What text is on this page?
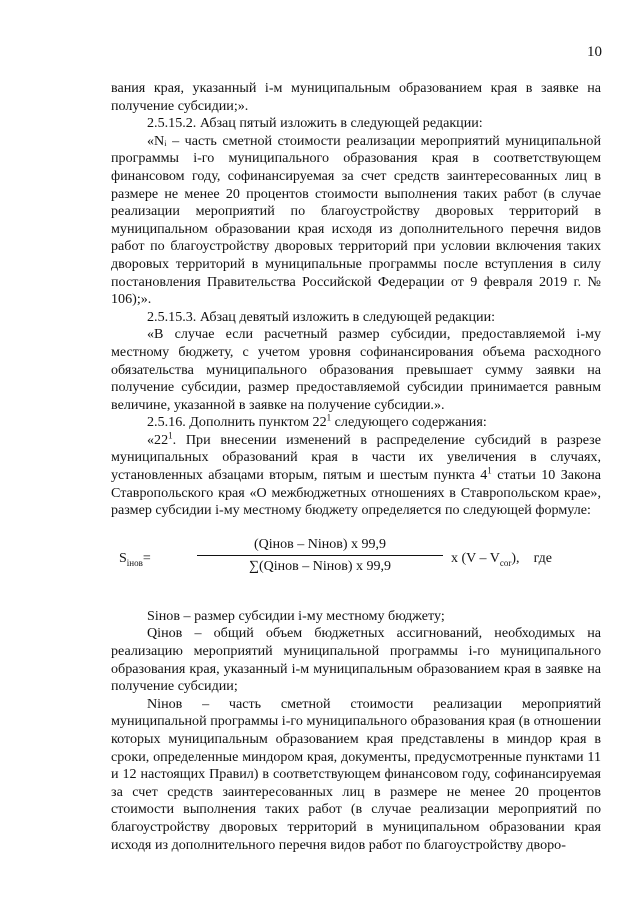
10

вания края, указанный i-м муниципальным образованием края в заявке на получение субсидии;».

2.5.15.2. Абзац пятый изложить в следующей редакции:

«Nᵢ – часть сметной стоимости реализации мероприятий муниципальной программы i-го муниципального образования края в соответствующем финансовом году, софинансируемая за счет средств заинтересованных лиц в размере не менее 20 процентов стоимости выполнения таких работ (в случае реализации мероприятий по благоустройству дворовых территорий в муниципальном образовании края исходя из дополнительного перечня видов работ по благоустройству дворовых территорий при условии включения таких дворовых территорий в муниципальные программы после вступления в силу постановления Правительства Российской Федерации от 9 февраля 2019 г. № 106);».

2.5.15.3. Абзац девятый изложить в следующей редакции:

«В случае если расчетный размер субсидии, предоставляемой i-му местному бюджету, с учетом уровня софинансирования объема расходного обязательства муниципального образования превышает сумму заявки на получение субсидии, размер предоставляемой субсидии принимается равным величине, указанной в заявке на получение субсидии.».

2.5.16. Дополнить пунктом $22^1$ следующего содержания:

«$22^1$. При внесении изменений в распределение субсидий в разрезе муниципальных образований края в части их увеличения в случаях, установленных абзацами вторым, пятым и шестым пункта $4^1$ статьи 10 Закона Ставропольского края «О межбюджетных отношениях в Ставропольском крае», размер субсидии i-му местному бюджету определяется по следующей формуле:

$S_{iнов}=$
(Qiнов – Niнов) x 99,9
∑(Qiнов – Niнов) x 99,9
x $(V - V_{cor})$, где

Siнов – размер субсидии i-му местному бюджету;

Qiнов – общий объем бюджетных ассигнований, необходимых на реализацию мероприятий муниципальной программы i-го муниципального образования края, указанный i-м муниципальным образованием края в заявке на получение субсидии;

Niнов – часть сметной стоимости реализации мероприятий муниципальной программы i-го муниципального образования края (в отношении которых муниципальным образованием края представлены в миндор края в сроки, определенные миндором края, документы, предусмотренные пунктами 11 и 12 настоящих Правил) в соответствующем финансовом году, софинансируемая за счет средств заинтересованных лиц в размере не менее 20 процентов стоимости выполнения таких работ (в случае реализации мероприятий по благоустройству дворовых территорий в муниципальном образовании края исходя из дополнительного перечня видов работ по благоустройству дворо-
